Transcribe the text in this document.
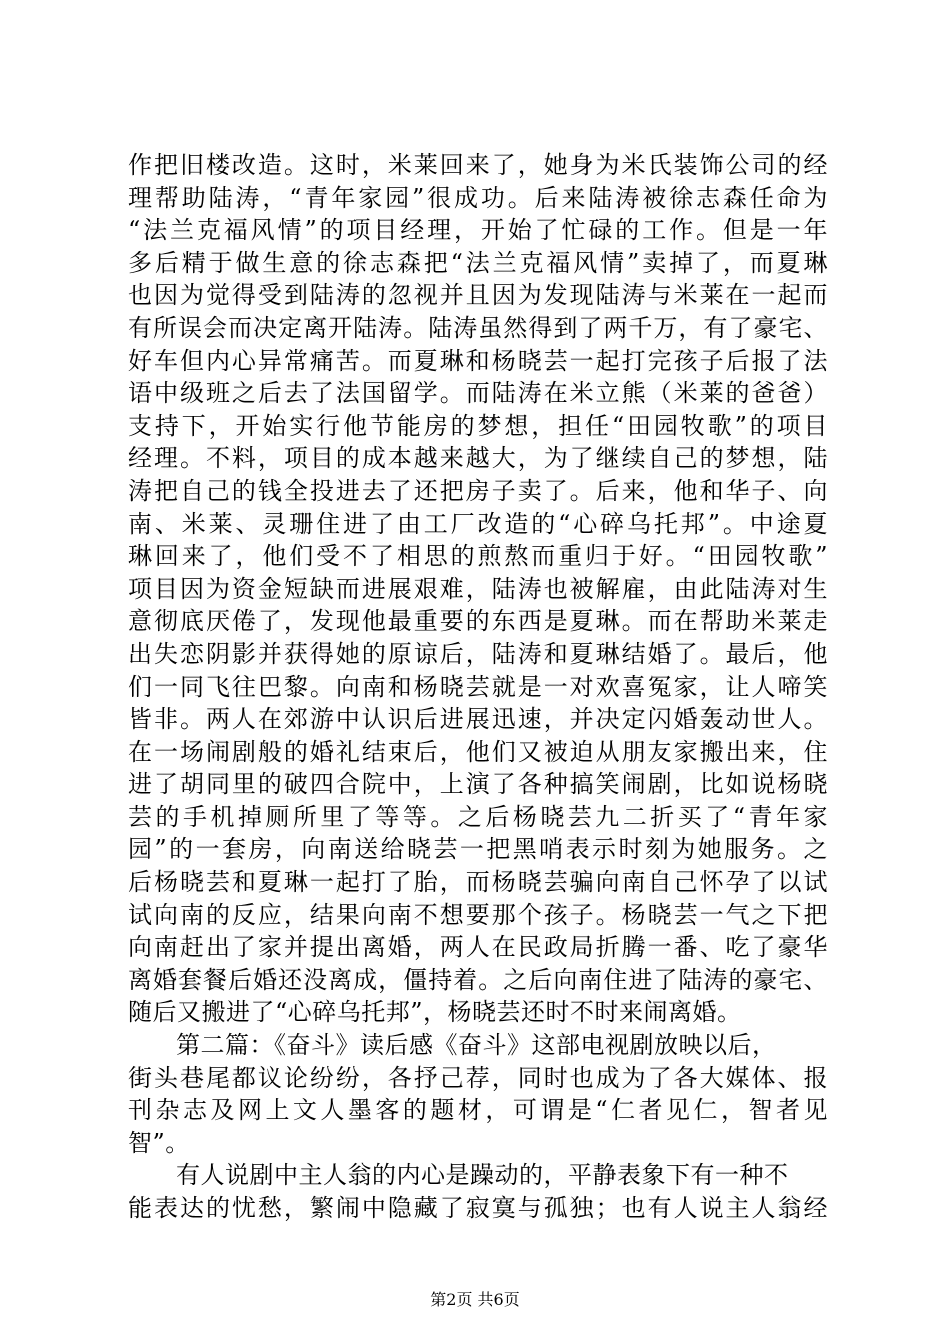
作把旧楼改造。这时，米莱回来了，她身为米氏装饰公司的经
理帮助陆涛，“青年家园”很成功。后来陆涛被徐志森任命为
“法兰克福风情”的项目经理，开始了忙碌的工作。但是一年
多后精于做生意的徐志森把“法兰克福风情”卖掉了，而夏琳
也因为觉得受到陆涛的忽视并且因为发现陆涛与米莱在一起而
有所误会而决定离开陆涛。陆涛虽然得到了两千万，有了豪宅、
好车但内心异常痛苦。而夏琳和杨晓芸一起打完孩子后报了法
语中级班之后去了法国留学。而陆涛在米立熊（米莱的爸爸）
支持下，开始实行他节能房的梦想，担任“田园牧歌”的项目
经理。不料，项目的成本越来越大，为了继续自己的梦想，陆
涛把自己的钱全投进去了还把房子卖了。后来，他和华子、向
南、米莱、灵珊住进了由工厂改造的“心碎乌托邦”。中途夏
琳回来了，他们受不了相思的煎熬而重归于好。“田园牧歌”
项目因为资金短缺而进展艰难，陆涛也被解雇，由此陆涛对生
意彻底厌倦了，发现他最重要的东西是夏琳。而在帮助米莱走
出失恋阴影并获得她的原谅后，陆涛和夏琳结婚了。最后，他
们一同飞往巴黎。向南和杨晓芸就是一对欢喜冤家，让人啼笑
皆非。两人在郊游中认识后进展迅速，并决定闪婚轰动世人。
在一场闹剧般的婚礼结束后，他们又被迫从朋友家搬出来，住
进了胡同里的破四合院中，上演了各种搞笑闹剧，比如说杨晓
芸的手机掉厕所里了等等。之后杨晓芸九二折买了“青年家
园”的一套房，向南送给晓芸一把黑哨表示时刻为她服务。之
后杨晓芸和夏琳一起打了胎，而杨晓芸骗向南自己怀孕了以试
试向南的反应，结果向南不想要那个孩子。杨晓芸一气之下把
向南赶出了家并提出离婚，两人在民政局折腾一番、吃了豪华
离婚套餐后婚还没离成，僵持着。之后向南住进了陆涛的豪宅、
随后又搬进了“心碎乌托邦”，杨晓芸还时不时来闹离婚。
第二篇：《奋斗》读后感《奋斗》这部电视剧放映以后，
街头巷尾都议论纷纷，各抒己荐，同时也成为了各大媒体、报
刊杂志及网上文人墨客的题材，可谓是“仁者见仁，智者见
智”。
有人说剧中主人翁的内心是躁动的，平静表象下有一种不
能表达的忧愁，繁闹中隐藏了寂寞与孤独；也有人说主人翁经
第2页 共6页
